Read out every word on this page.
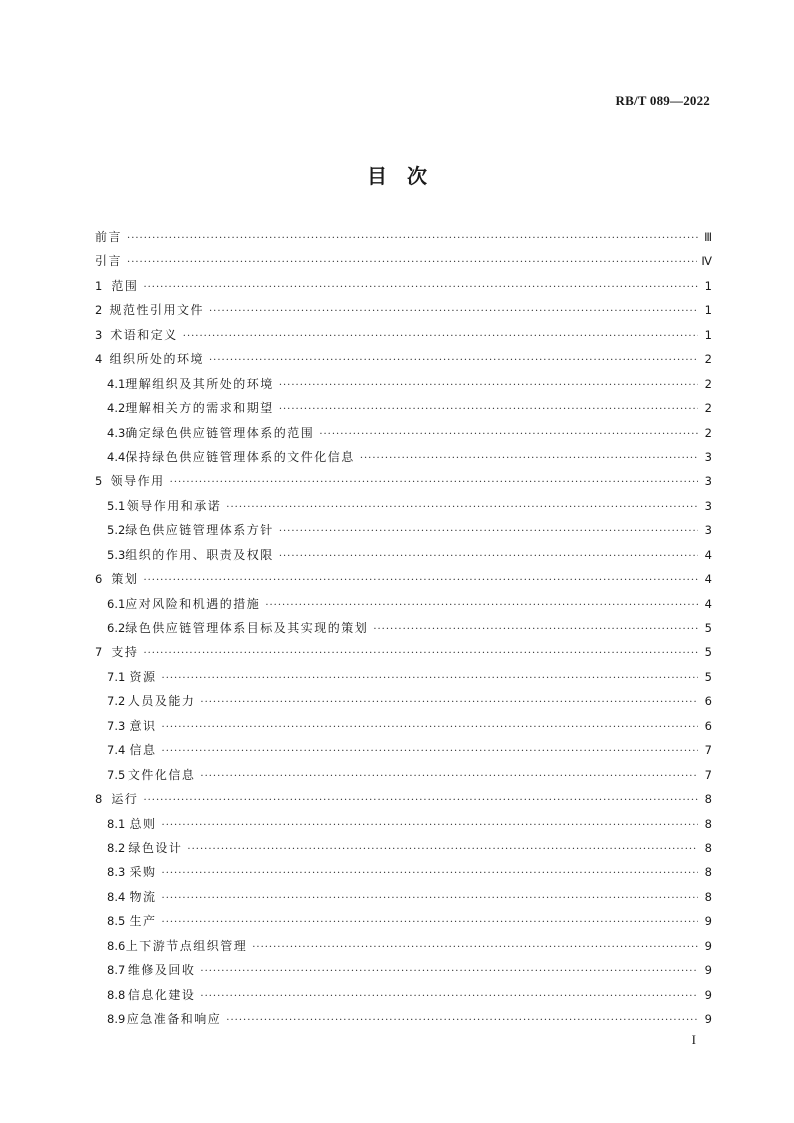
RB/T 089—2022
目　次
前言 ·····	Ⅲ
引言 ·····	Ⅳ
1 范围 ·····	1
2 规范性引用文件 ·····	1
3 术语和定义 ·····	1
4 组织所处的环境 ·····	2
4.1 理解组织及其所处的环境 ·····	2
4.2 理解相关方的需求和期望 ·····	2
4.3 确定绿色供应链管理体系的范围 ·····	2
4.4 保持绿色供应链管理体系的文件化信息 ·····	3
5 领导作用 ·····	3
5.1 领导作用和承诺 ·····	3
5.2 绿色供应链管理体系方针 ·····	3
5.3 组织的作用、职责及权限 ·····	4
6 策划 ·····	4
6.1 应对风险和机遇的措施 ·····	4
6.2 绿色供应链管理体系目标及其实现的策划 ·····	5
7 支持 ·····	5
7.1 资源 ·····	5
7.2 人员及能力 ·····	6
7.3 意识 ·····	6
7.4 信息 ·····	7
7.5 文件化信息 ·····	7
8 运行 ·····	8
8.1 总则 ·····	8
8.2 绿色设计 ·····	8
8.3 采购 ·····	8
8.4 物流 ·····	8
8.5 生产 ·····	9
8.6 上下游节点组织管理 ·····	9
8.7 维修及回收 ·····	9
8.8 信息化建设 ·····	9
8.9 应急准备和响应 ·····	9
I
